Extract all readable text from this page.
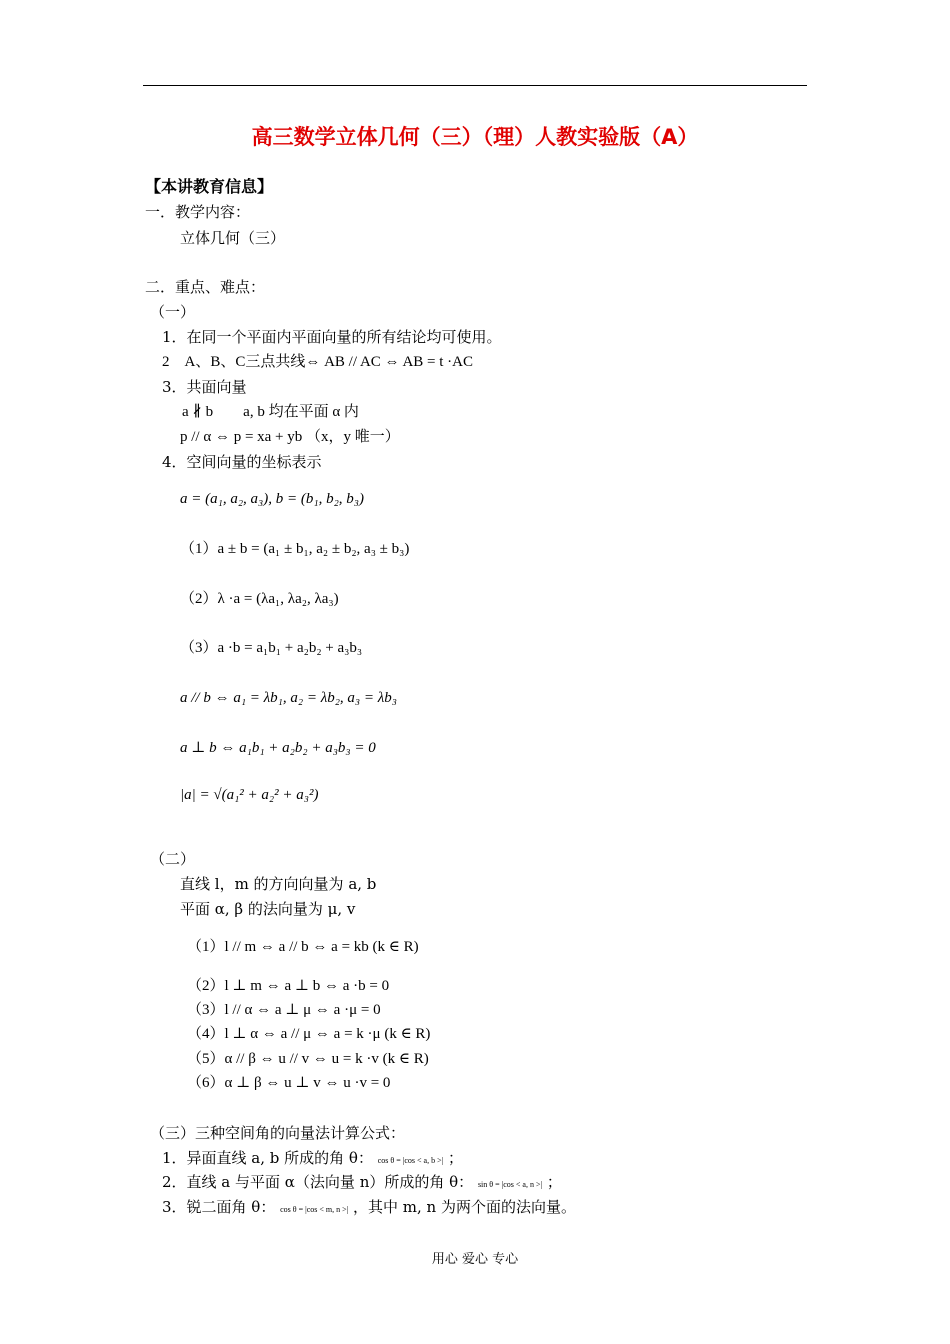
高三数学立体几何（三）（理）人教实验版（A）
【本讲教育信息】
一．教学内容：
立体几何（三）
二．重点、难点：
（一）
1．在同一个平面内平面向量的所有结论均可使用。
2　A、B、C三点共线⇔ AB // AC ⇔ AB = t ·AC
3．共面向量
a ∦ b　　a, b 均在平面 α 内
p // α ⇔ p = xa + yb （x，y 唯一）
4．空间向量的坐标表示
a = (a₁, a₂, a₃), b = (b₁, b₂, b₃)
（1）a ± b = (a₁ ± b₁, a₂ ± b₂, a₃ ± b₃)
（2）λ ·a = (λa₁, λa₂, λa₃)
（3）a ·b = a₁b₁ + a₂b₂ + a₃b₃
a // b ⇔ a₁ = λb₁, a₂ = λb₂, a₃ = λb₃
a ⊥ b ⇔ a₁b₁ + a₂b₂ + a₃b₃ = 0
|a| = √(a₁² + a₂² + a₃²)
（二）
直线 l，m 的方向向量为 a, b
平面 α, β 的法向量为 μ, v
（1）l // m ⇔ a // b ⇔ a = kb (k ∈ R)
（2）l ⊥ m ⇔ a ⊥ b ⇔ a ·b = 0
（3）l // α ⇔ a ⊥ μ ⇔ a ·μ = 0
（4）l ⊥ α ⇔ a // μ ⇔ a = k ·μ (k ∈ R)
（5）α // β ⇔ u // v ⇔ u = k ·v (k ∈ R)
（6）α ⊥ β ⇔ u ⊥ v ⇔ u ·v = 0
（三）三种空间角的向量法计算公式：
1．异面直线 a, b 所成的角 θ： cos θ = |cos < a, b >| ；
2．直线 a 与平面 α（法向量 n）所成的角 θ： sin θ = |cos < a, n >| ；
3．锐二面角 θ： cos θ = |cos < m, n >| ，其中 m, n 为两个面的法向量。
用心 爱心 专心
